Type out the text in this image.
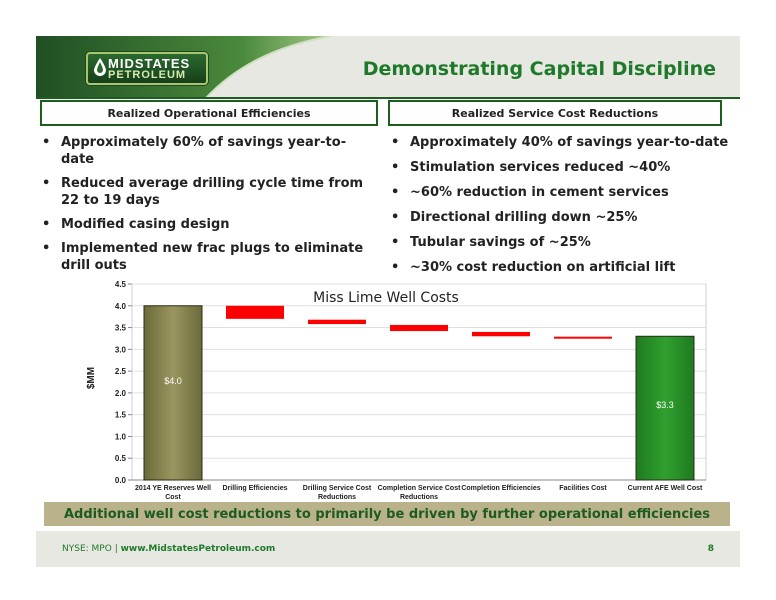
MIDSTATES
PETROLEUM	Demonstrating Capital Discipline
Realized Operational Efficiencies	Realized Service Cost Reductions
• Approximately 60% of savings year-to-date
• Reduced average drilling cycle time from 22 to 19 days
• Modified casing design
• Implemented new frac plugs to eliminate drill outs
• Approximately 40% of savings year-to-date
• Stimulation services reduced ~40%
• ~60% reduction in cement services
• Directional drilling down ~25%
• Tubular savings of ~25%
• ~30% cost reduction on artificial lift
$4.0
$3.3
0.0
0.5
1.0
1.5
2.0
2.5
3.0
3.5
4.0
4.5
2014 YE Reserves Well Cost
Drilling Efficiencies Drilling Service Cost Reductions
Completion Service Cost Reductions
Completion Efficiencies	Facilities Cost	Current AFE Well Cost
Miss Lime Well Costs
$MM
Additional well cost reductions to primarily be driven by further operational efficiencies
NYSE: MPO | www.MidstatesPetroleum.com	8
